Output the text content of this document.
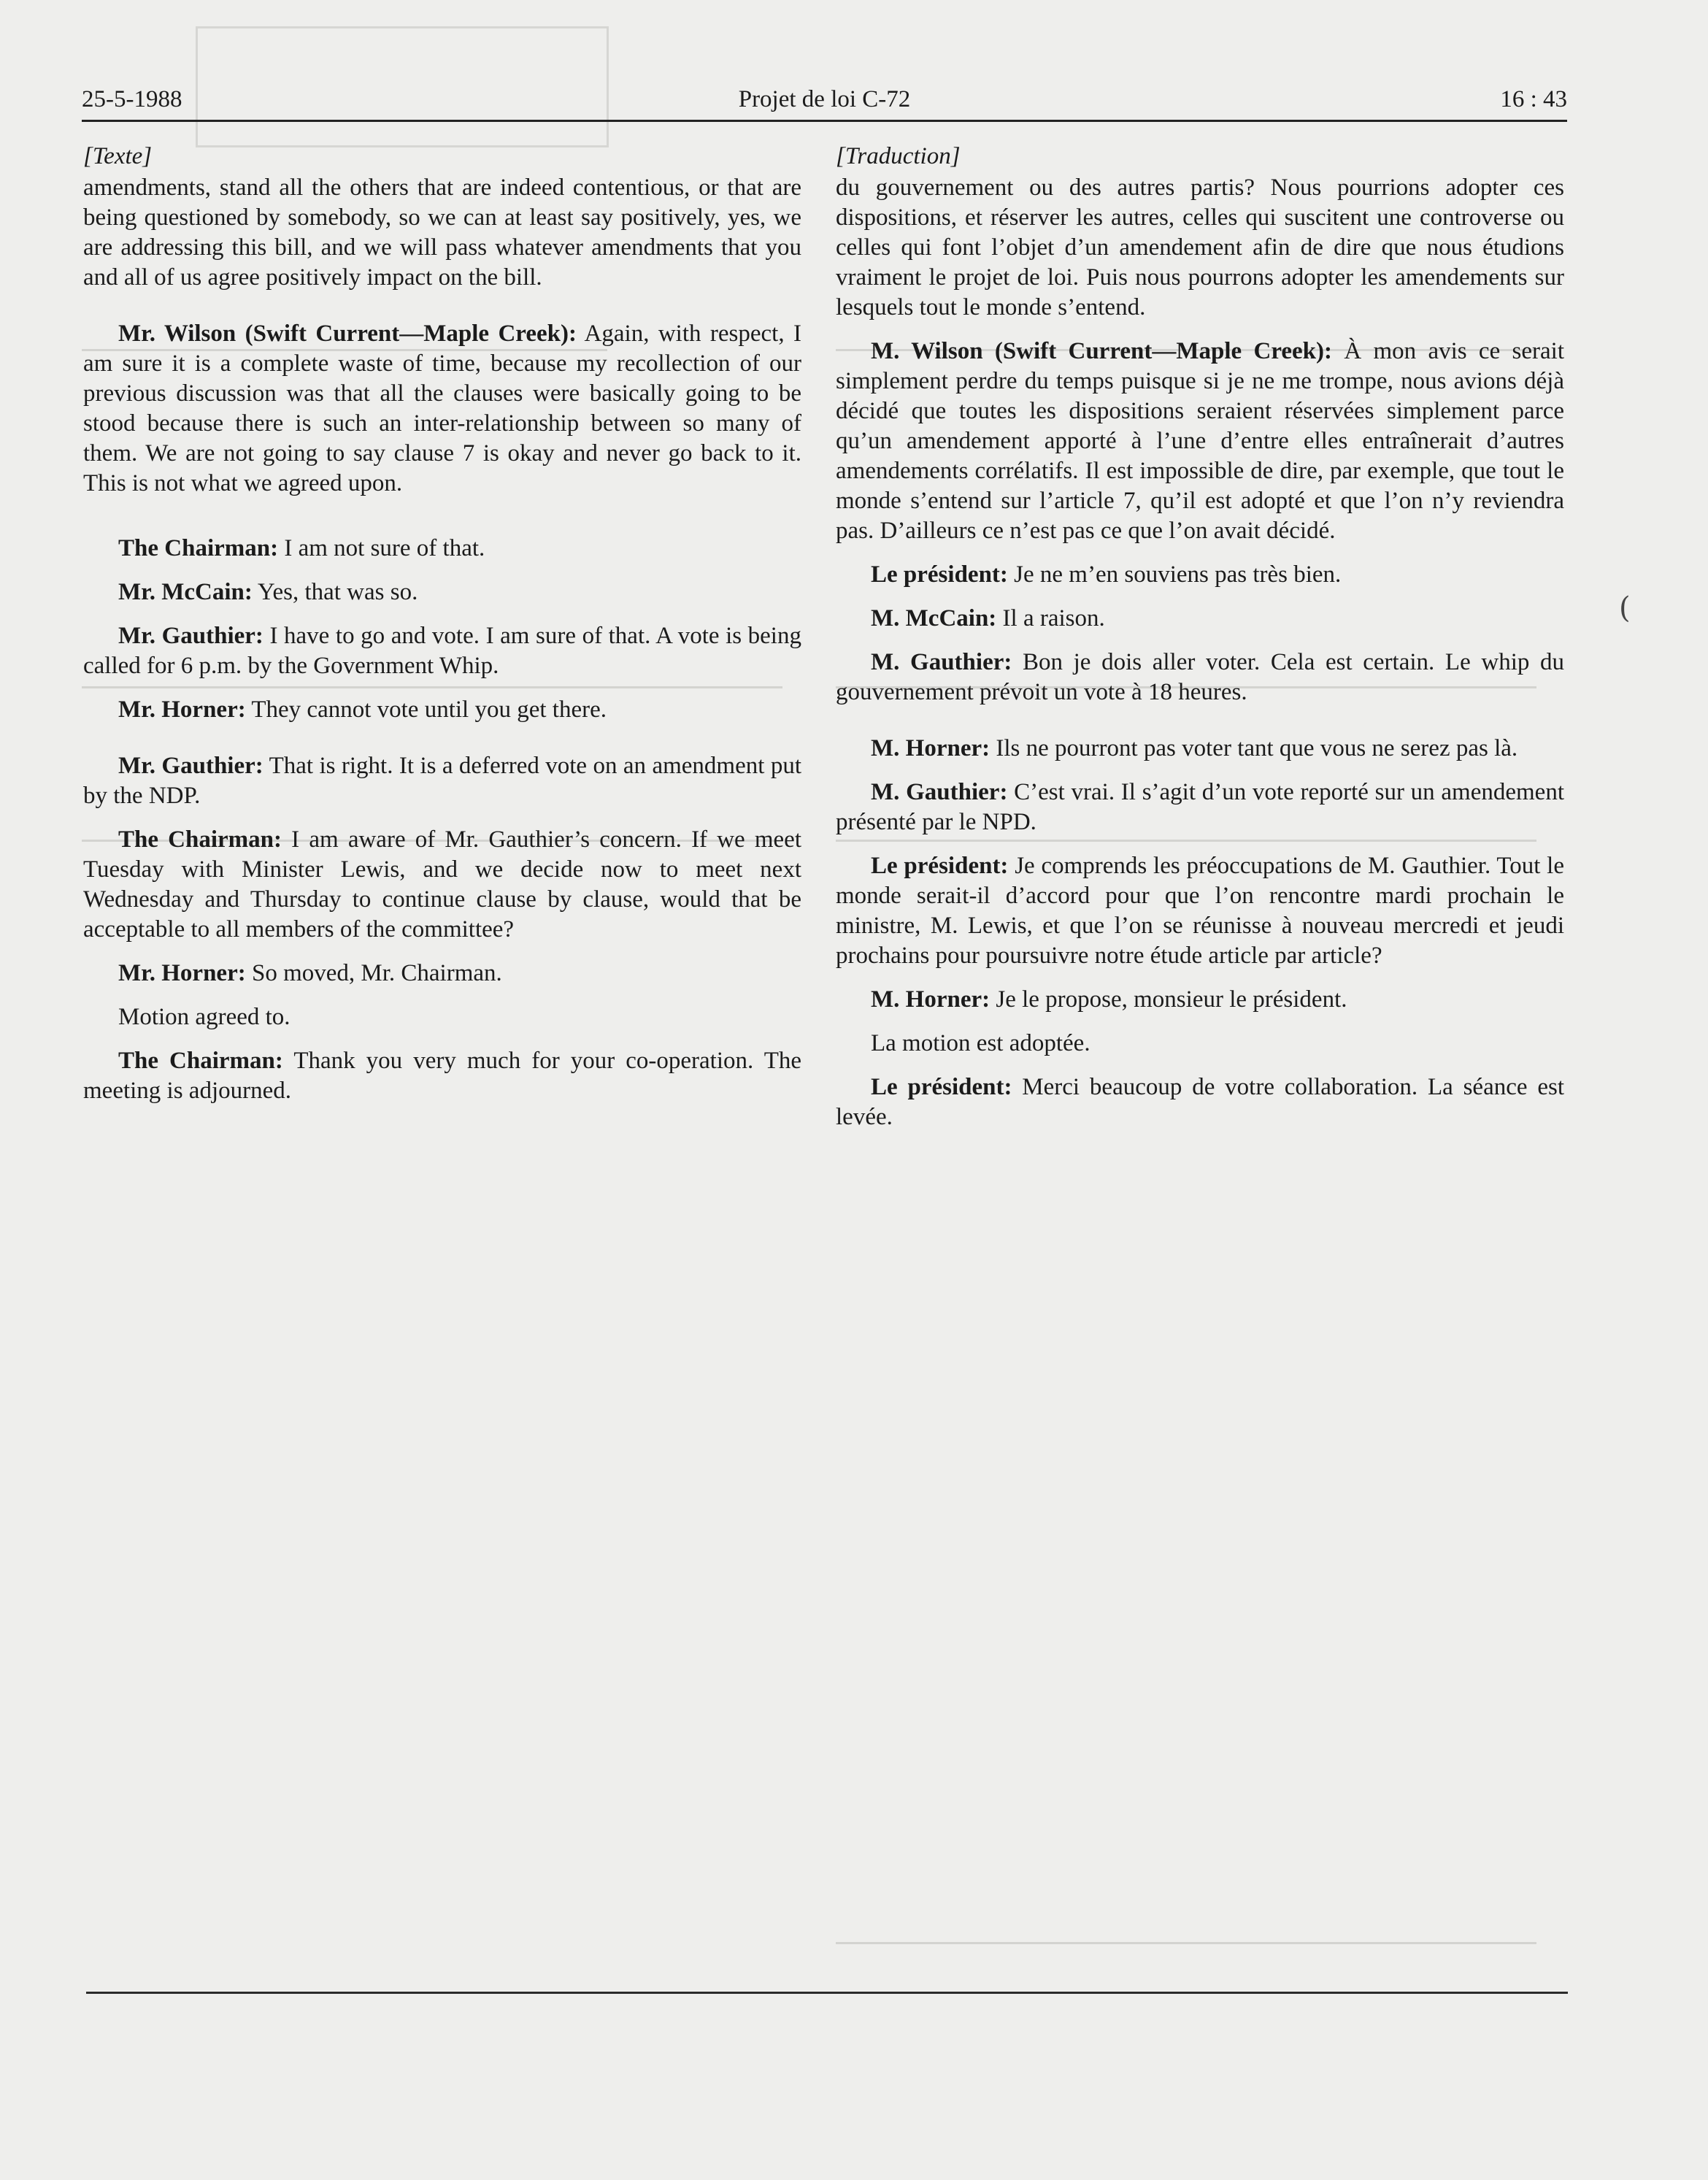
25-5-1988	Projet de loi C-72	16 : 43
[Texte]

amendments, stand all the others that are indeed contentious, or that are being questioned by somebody, so we can at least say positively, yes, we are addressing this bill, and we will pass whatever amendments that you and all of us agree positively impact on the bill.

Mr. Wilson (Swift Current—Maple Creek): Again, with respect, I am sure it is a complete waste of time, because my recollection of our previous discussion was that all the clauses were basically going to be stood because there is such an inter-relationship between so many of them. We are not going to say clause 7 is okay and never go back to it. This is not what we agreed upon.

The Chairman: I am not sure of that.

Mr. McCain: Yes, that was so.

Mr. Gauthier: I have to go and vote. I am sure of that. A vote is being called for 6 p.m. by the Government Whip.

Mr. Horner: They cannot vote until you get there.

Mr. Gauthier: That is right. It is a deferred vote on an amendment put by the NDP.

The Chairman: I am aware of Mr. Gauthier’s concern. If we meet Tuesday with Minister Lewis, and we decide now to meet next Wednesday and Thursday to continue clause by clause, would that be acceptable to all members of the committee?

Mr. Horner: So moved, Mr. Chairman.

Motion agreed to.

The Chairman: Thank you very much for your co-operation. The meeting is adjourned.

[Traduction]

du gouvernement ou des autres partis? Nous pourrions adopter ces dispositions, et réserver les autres, celles qui suscitent une controverse ou celles qui font l’objet d’un amendement afin de dire que nous étudions vraiment le projet de loi. Puis nous pourrons adopter les amendements sur lesquels tout le monde s’entend.

M. Wilson (Swift Current—Maple Creek): À mon avis ce serait simplement perdre du temps puisque si je ne me trompe, nous avions déjà décidé que toutes les dispositions seraient réservées simplement parce qu’un amendement apporté à l’une d’entre elles entraînerait d’autres amendements corrélatifs. Il est impossible de dire, par exemple, que tout le monde s’entend sur l’article 7, qu’il est adopté et que l’on n’y reviendra pas. D’ailleurs ce n’est pas ce que l’on avait décidé.

Le président: Je ne m’en souviens pas très bien.

M. McCain: Il a raison.

M. Gauthier: Bon je dois aller voter. Cela est certain. Le whip du gouvernement prévoit un vote à 18 heures.

M. Horner: Ils ne pourront pas voter tant que vous ne serez pas là.

M. Gauthier: C’est vrai. Il s’agit d’un vote reporté sur un amendement présenté par le NPD.

Le président: Je comprends les préoccupations de M. Gauthier. Tout le monde serait-il d’accord pour que l’on rencontre mardi prochain le ministre, M. Lewis, et que l’on se réunisse à nouveau mercredi et jeudi prochains pour poursuivre notre étude article par article?

M. Horner: Je le propose, monsieur le président.

La motion est adoptée.

Le président: Merci beaucoup de votre collaboration. La séance est levée.

(
